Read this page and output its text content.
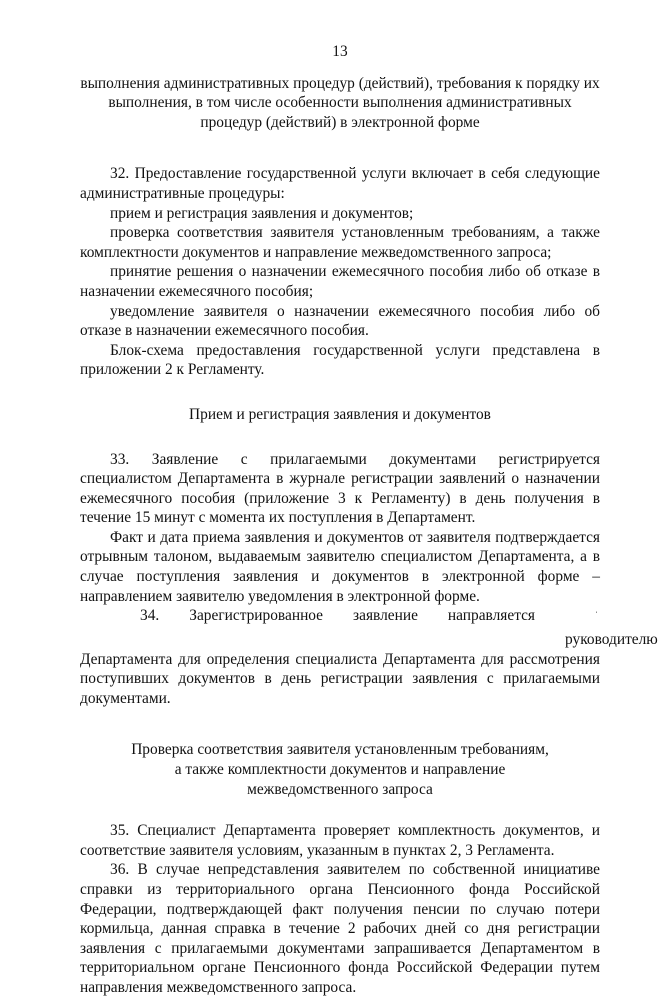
13

выполнения административных процедур (действий), требования к порядку их выполнения, в том числе особенности выполнения административных процедур (действий) в электронной форме

32. Предоставление государственной услуги включает в себя следующие административные процедуры:

прием и регистрация заявления и документов;

проверка соответствия заявителя установленным требованиям, а также комплектности документов и направление межведомственного запроса;

принятие решения о назначении ежемесячного пособия либо об отказе в назначении ежемесячного пособия;

уведомление заявителя о назначении ежемесячного пособия либо об отказе в назначении ежемесячного пособия.

Блок-схема предоставления государственной услуги представлена в приложении 2 к Регламенту.

Прием и регистрация заявления и документов

33. Заявление с прилагаемыми документами регистрируется специалистом Департамента в журнале регистрации заявлений о назначении ежемесячного пособия (приложение 3 к Регламенту) в день получения в течение 15 минут с момента их поступления в Департамент.

Факт и дата приема заявления и документов от заявителя подтверждается отрывным талоном, выдаваемым заявителю специалистом Департамента, а в случае поступления заявления и документов в электронной форме – направлением заявителю уведомления в электронной форме.

34.	Зарегистрированное	заявление	направляется	ˈ  руководителю

Департамента для определения специалиста Департамента для рассмотрения поступивших документов в день регистрации заявления с прилагаемыми документами.

Проверка соответствия заявителя установленным требованиям,

а также комплектности документов и направление

межведомственного запроса

35. Специалист Департамента проверяет комплектность документов, и соответствие заявителя условиям, указанным в пунктах 2, 3 Регламента.

36. В случае непредставления заявителем по собственной инициативе справки из территориального органа Пенсионного фонда Российской Федерации, подтверждающей факт получения пенсии по случаю потери кормильца, данная справка в течение 2 рабочих дней со дня регистрации заявления с прилагаемыми документами запрашивается Департаментом в территориальном органе Пенсионного фонда Российской Федерации путем направления межведомственного запроса.
